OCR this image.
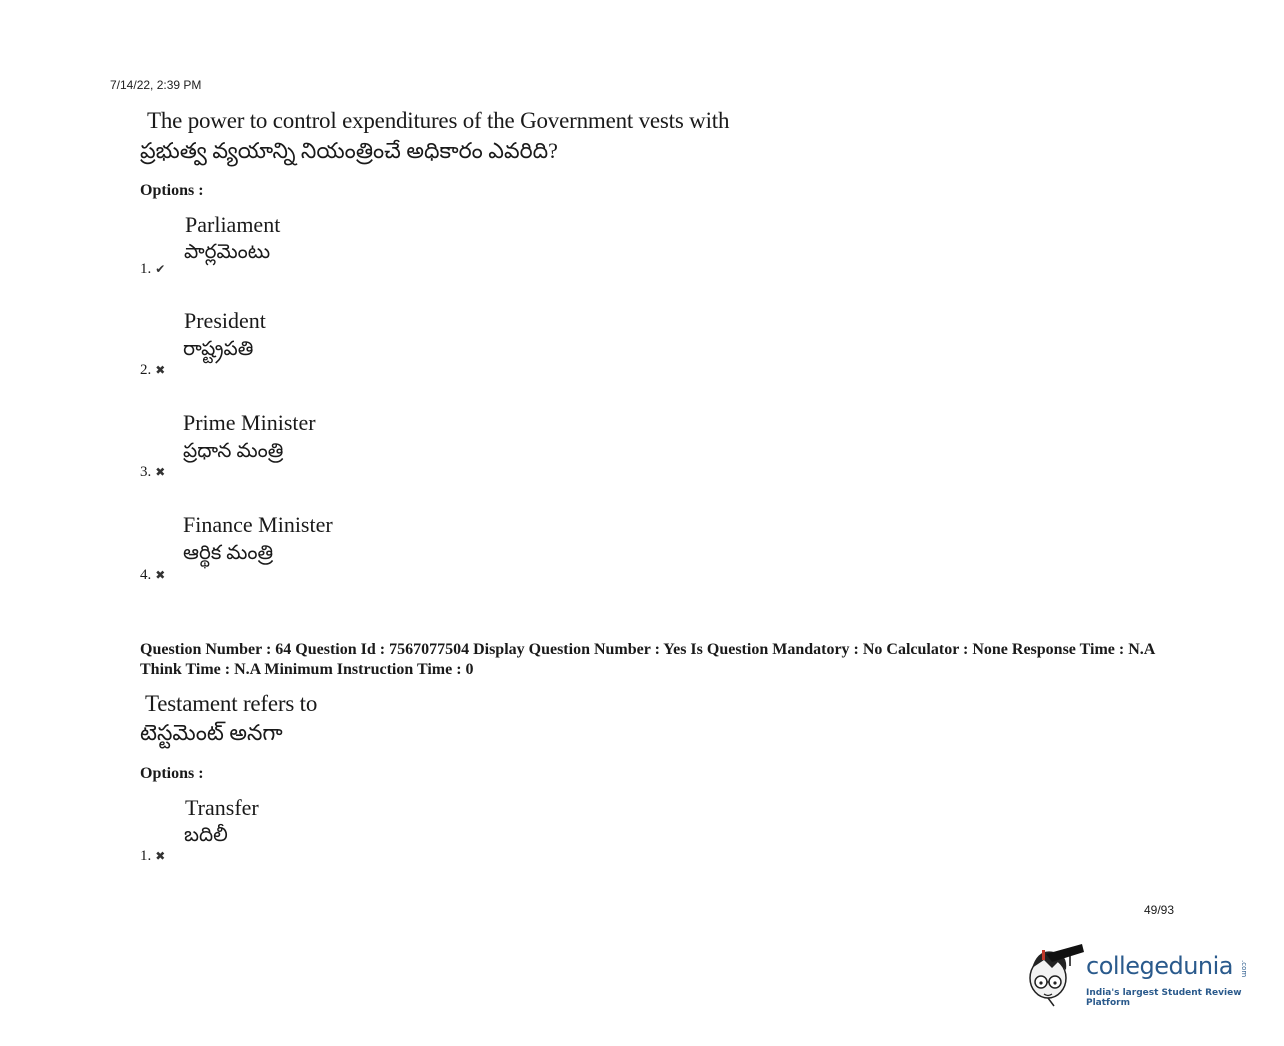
7/14/22, 2:39 PM
The power to control expenditures of the Government vests with
ప్రభుత్వ వ్యయాన్ని నియంత్రించే అధికారం ఎవరిది?
Options :
Parliament
పార్లమెంటు
1. ✔
President
రాష్ట్రపతి
2. ✖
Prime Minister
ప్రధాన మంత్రి
3. ✖
Finance Minister
ఆర్థిక మంత్రి
4. ✖
Question Number : 64 Question Id : 7567077504 Display Question Number : Yes Is Question Mandatory : No Calculator : None Response Time : N.A Think Time : N.A Minimum Instruction Time : 0
Testament refers to
టెస్టమెంట్ అనగా
Options :
Transfer
బదిలీ
1. ✖
49/93
collegedunia .com
India's largest Student Review Platform
